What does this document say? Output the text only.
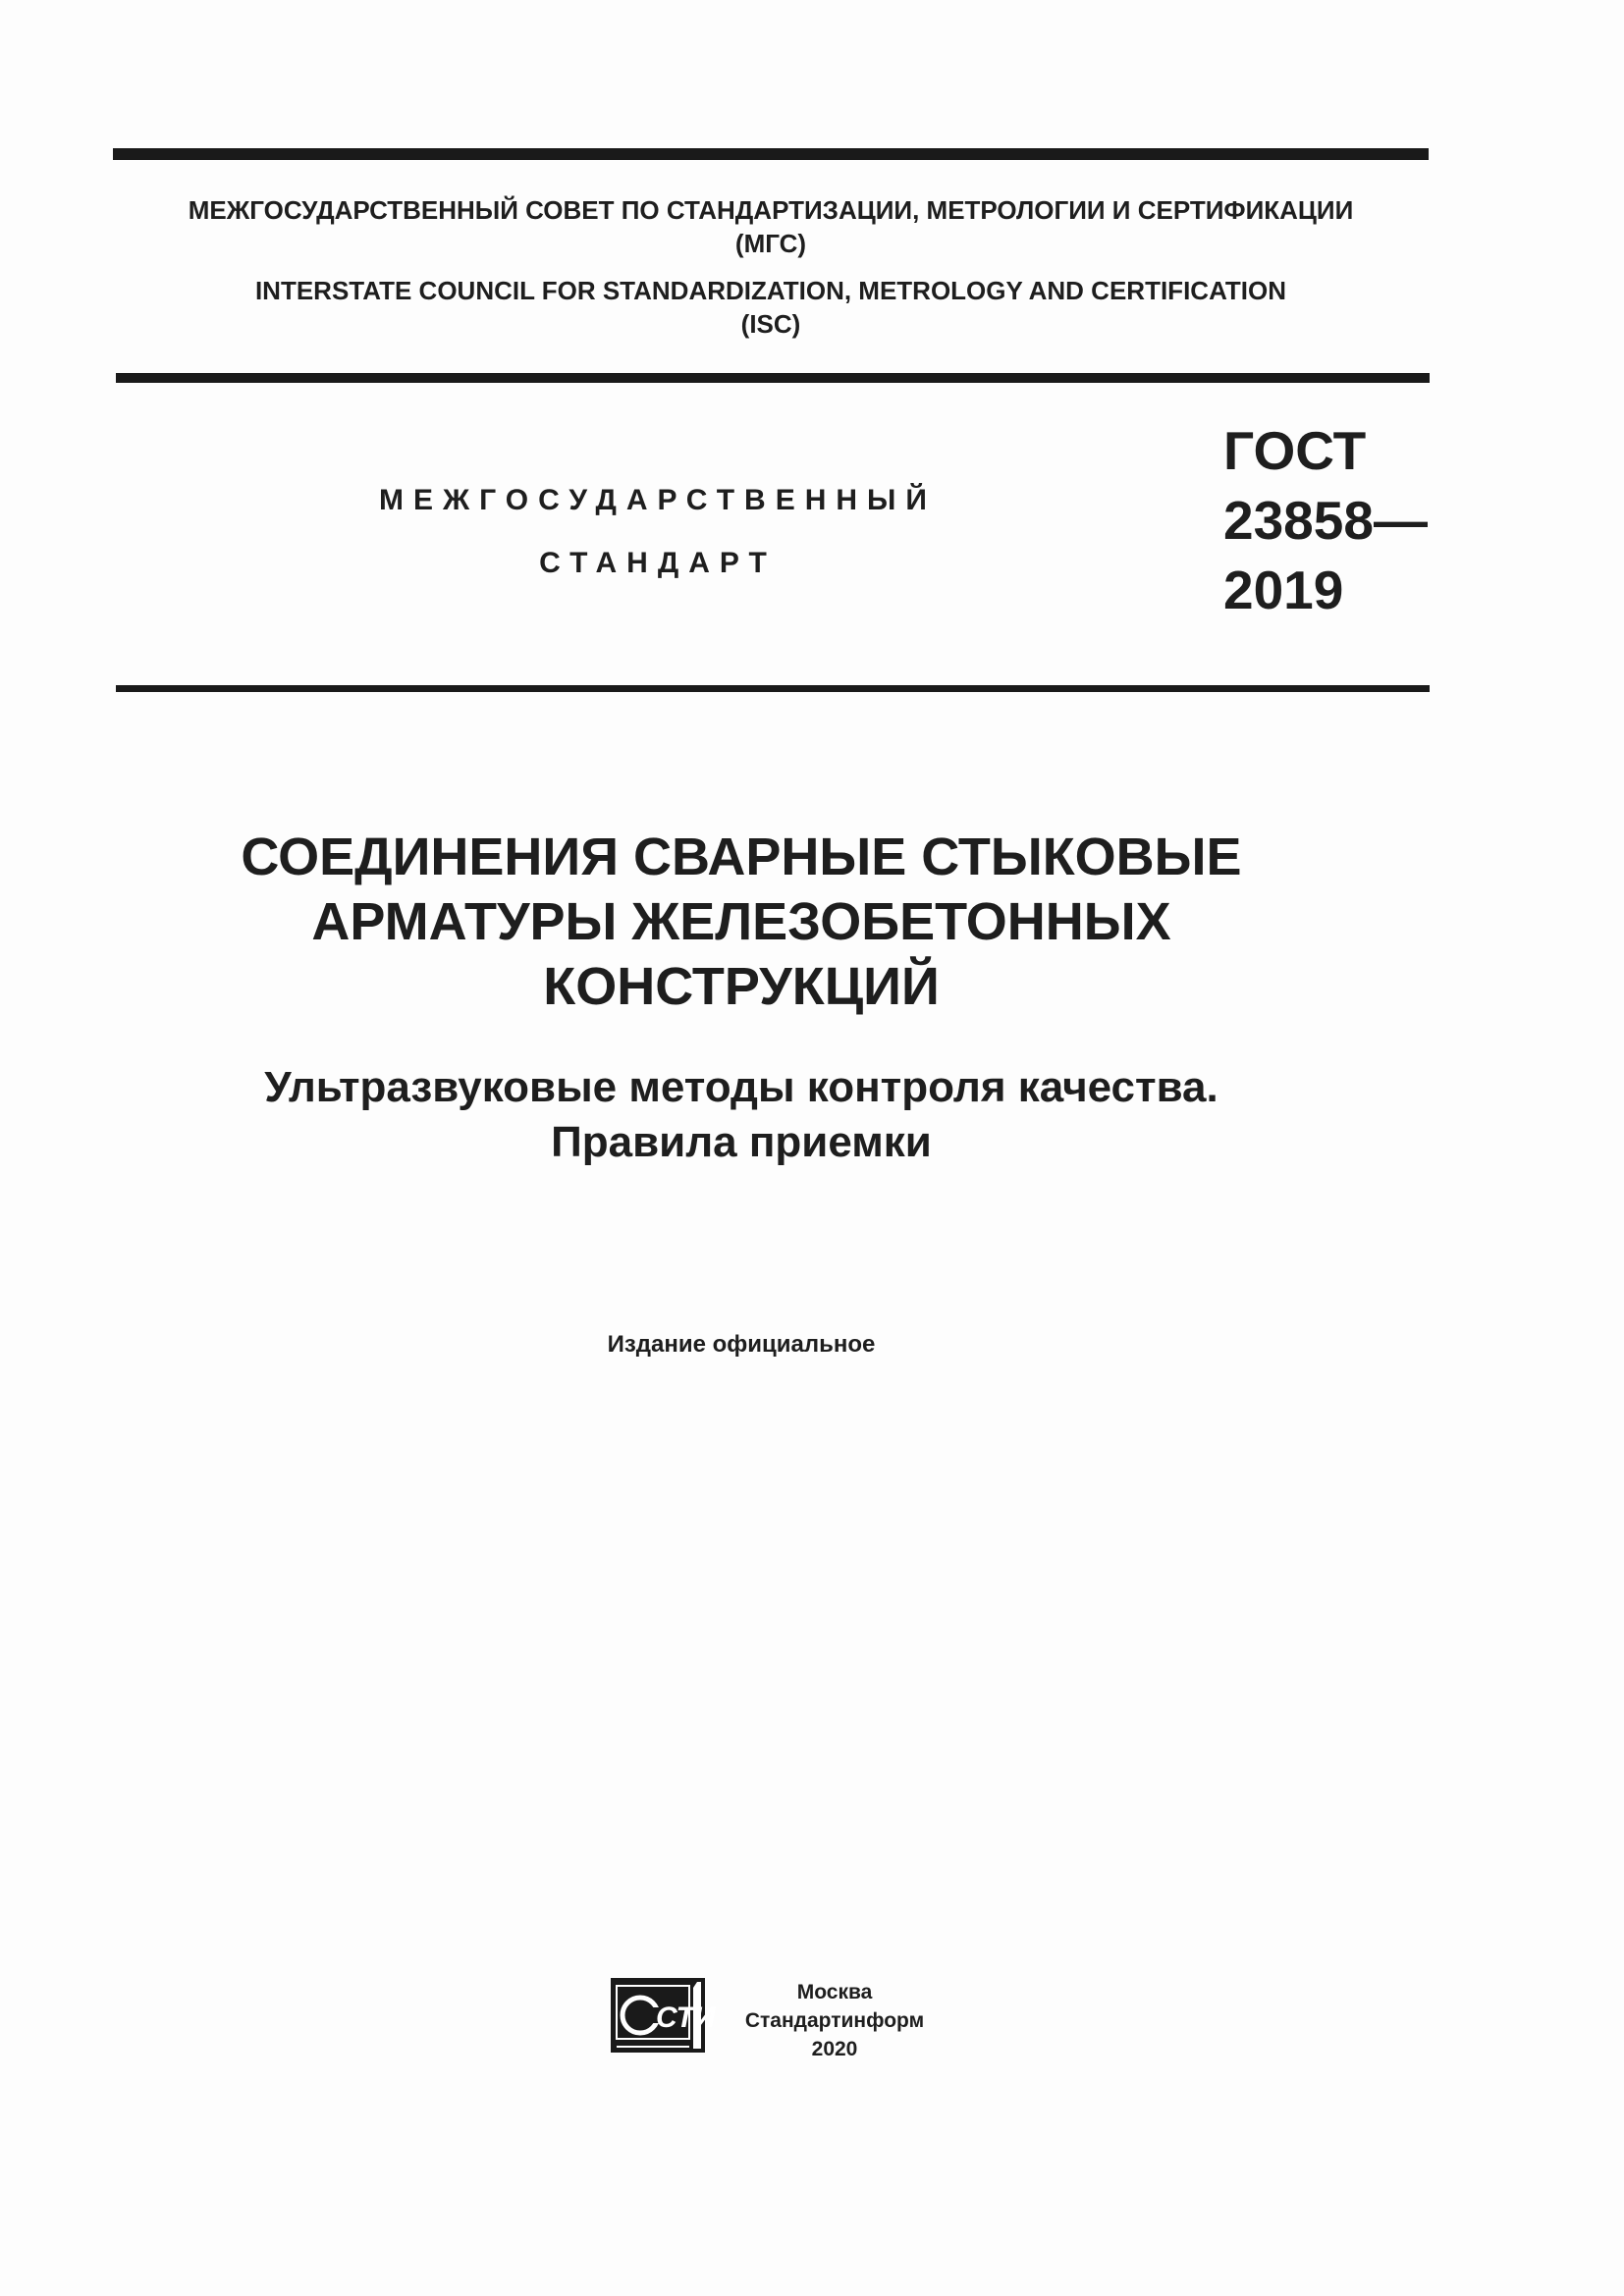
МЕЖГОСУДАРСТВЕННЫЙ СОВЕТ ПО СТАНДАРТИЗАЦИИ, МЕТРОЛОГИИ И СЕРТИФИКАЦИИ
(МГС)
INTERSTATE COUNCIL FOR STANDARDIZATION, METROLOGY AND CERTIFICATION
(ISC)
МЕЖГОСУДАРСТВЕННЫЙ
СТАНДАРТ
ГОСТ
23858—
2019
СОЕДИНЕНИЯ СВАРНЫЕ СТЫКОВЫЕ
АРМАТУРЫ ЖЕЛЕЗОБЕТОННЫХ
КОНСТРУКЦИЙ
Ультразвуковые методы контроля качества.
Правила приемки
Издание официальное
СТИ
Москва
Стандартинформ
2020
